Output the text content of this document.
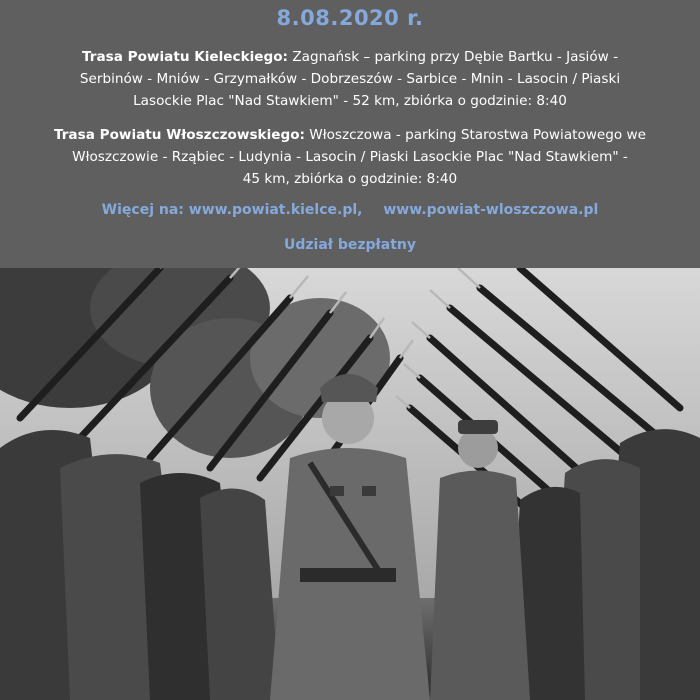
8.08.2020 r.
Trasa Powiatu Kieleckiego: Zagnańsk – parking przy Dębie Bartku - Jasiów -
Serbinów - Mniów - Grzymałków - Dobrzeszów - Sarbice - Mnin - Lasocin / Piaski
Lasockie Plac "Nad Stawkiem" - 52 km, zbiórka o godzinie: 8:40
Trasa Powiatu Włoszczowskiego: Włoszczowa - parking Starostwa Powiatowego we
Włoszczowie - Rząbiec - Ludynia - Lasocin / Piaski Lasockie Plac "Nad Stawkiem" -
45 km, zbiórka o godzinie: 8:40
Więcej na: www.powiat.kielce.pl, www.powiat-wloszczowa.pl
Udział bezpłatny
